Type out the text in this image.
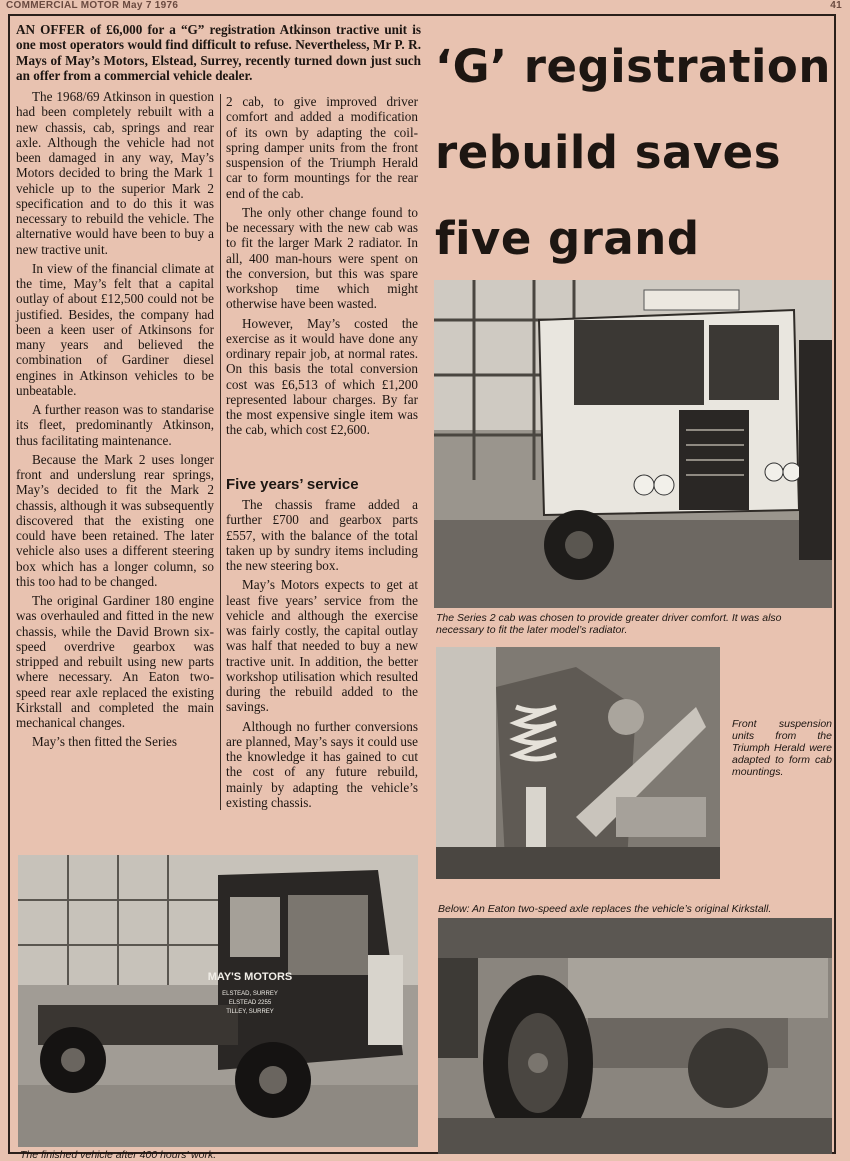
COMMERCIAL MOTOR May 7 1976	41
AN OFFER of £6,000 for a “G” registration Atkinson tractive unit is one most operators would find difficult to refuse. Nevertheless, Mr P. R. Mays of May’s Motors, Elstead, Surrey, recently turned down just such an offer from a commercial vehicle dealer.	‘G’ registration
rebuild saves
five grand

The 1968/69 Atkinson in question had been completely rebuilt with a new chassis, cab, springs and rear axle. Although the vehicle had not been damaged in any way, May’s Motors decided to bring the Mark 1 vehicle up to the superior Mark 2 specification and to do this it was necessary to rebuild the vehicle. The alternative would have been to buy a new tractive unit.

In view of the financial climate at the time, May’s felt that a capital outlay of about £12,500 could not be justified. Besides, the company had been a keen user of Atkinsons for many years and believed the combination of Gardiner diesel engines in Atkinson vehicles to be unbeatable.

A further reason was to standarise its fleet, predominantly Atkinson, thus facilitating maintenance.

Because the Mark 2 uses longer front and underslung rear springs, May’s decided to fit the Mark 2 chassis, although it was subsequently discovered that the existing one could have been retained. The later vehicle also uses a different steering box which has a longer column, so this too had to be changed.

The original Gardiner 180 engine was overhauled and fitted in the new chassis, while the David Brown six-speed overdrive gearbox was stripped and rebuilt using new parts where necessary. An Eaton two-speed rear axle replaced the existing Kirkstall and completed the main mechanical changes.

May’s then fitted the Series

2 cab, to give improved driver comfort and added a modification of its own by adapting the coil-spring damper units from the front suspension of the Triumph Herald car to form mountings for the rear end of the cab.

The only other change found to be necessary with the new cab was to fit the larger Mark 2 radiator. In all, 400 man-hours were spent on the conversion, but this was spare workshop time which might otherwise have been wasted.

However, May’s costed the exercise as it would have done any ordinary repair job, at normal rates. On this basis the total conversion cost was £6,513 of which £1,200 represented labour charges. By far the most expensive single item was the cab, which cost £2,600.

Five years’ service

The chassis frame added a further £700 and gearbox parts £557, with the balance of the total taken up by sundry items including the new steering box.

May’s Motors expects to get at least five years’ service from the vehicle and although the exercise was fairly costly, the capital outlay was half that needed to buy a new tractive unit. In addition, the better workshop utilisation which resulted during the rebuild added to the savings.

Although no further conversions are planned, May’s says it could use the knowledge it has gained to cut the cost of any future rebuild, mainly by adapting the vehicle’s existing chassis.

The Series 2 cab was chosen to provide greater driver comfort. It was also necessary to fit the later model’s radiator.
Front suspension units from the Triumph Herald were adapted to form cab mountings.
Below: An Eaton two-speed axle replaces the vehicle’s original Kirkstall.
MAY'S MOTORS
ELSTEAD, SURREY
ELSTEAD 2255
TILLEY, SURREY
The finished vehicle after 400 hours’ work.
